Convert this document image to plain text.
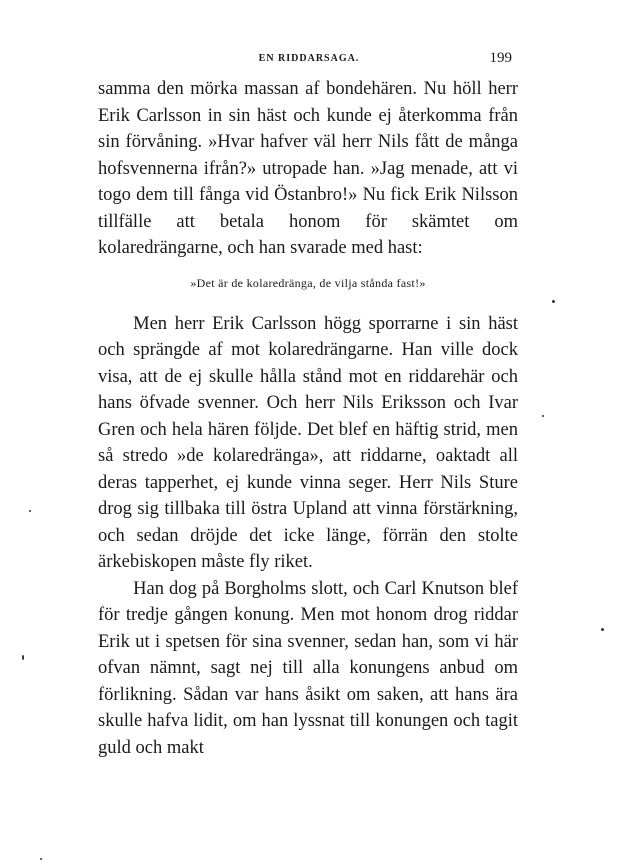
EN RIDDARSAGA.	199

samma den mörka massan af bondehären. Nu höll herr Erik Carlsson in sin häst och kunde ej återkomma från sin förvåning. »Hvar hafver väl herr Nils fått de många hofsvennerna ifrån?» utropade han. »Jag menade, att vi togo dem till fånga vid Östanbro!» Nu fick Erik Nilsson tillfälle att betala honom för skämtet om kolaredrängarne, och han svarade med hast:

»Det är de kolaredränga, de vilja stånda fast!»

Men herr Erik Carlsson högg sporrarne i sin häst och sprängde af mot kolaredrängarne. Han ville dock visa, att de ej skulle hålla stånd mot en riddarehär och hans öfvade svenner. Och herr Nils Eriksson och Ivar Gren och hela hären följde. Det blef en häftig strid, men så stredo »de kolaredränga», att riddarne, oaktadt all deras tapperhet, ej kunde vinna seger. Herr Nils Sture drog sig tillbaka till östra Upland att vinna förstärkning, och sedan dröjde det icke länge, förrän den stolte ärkebiskopen måste fly riket.

Han dog på Borgholms slott, och Carl Knutson blef för tredje gången konung. Men mot honom drog riddar Erik ut i spetsen för sina svenner, sedan han, som vi här ofvan nämnt, sagt nej till alla konungens anbud om förlikning. Sådan var hans åsikt om saken, att hans ära skulle hafva lidit, om han lyssnat till konungen och tagit guld och makt
